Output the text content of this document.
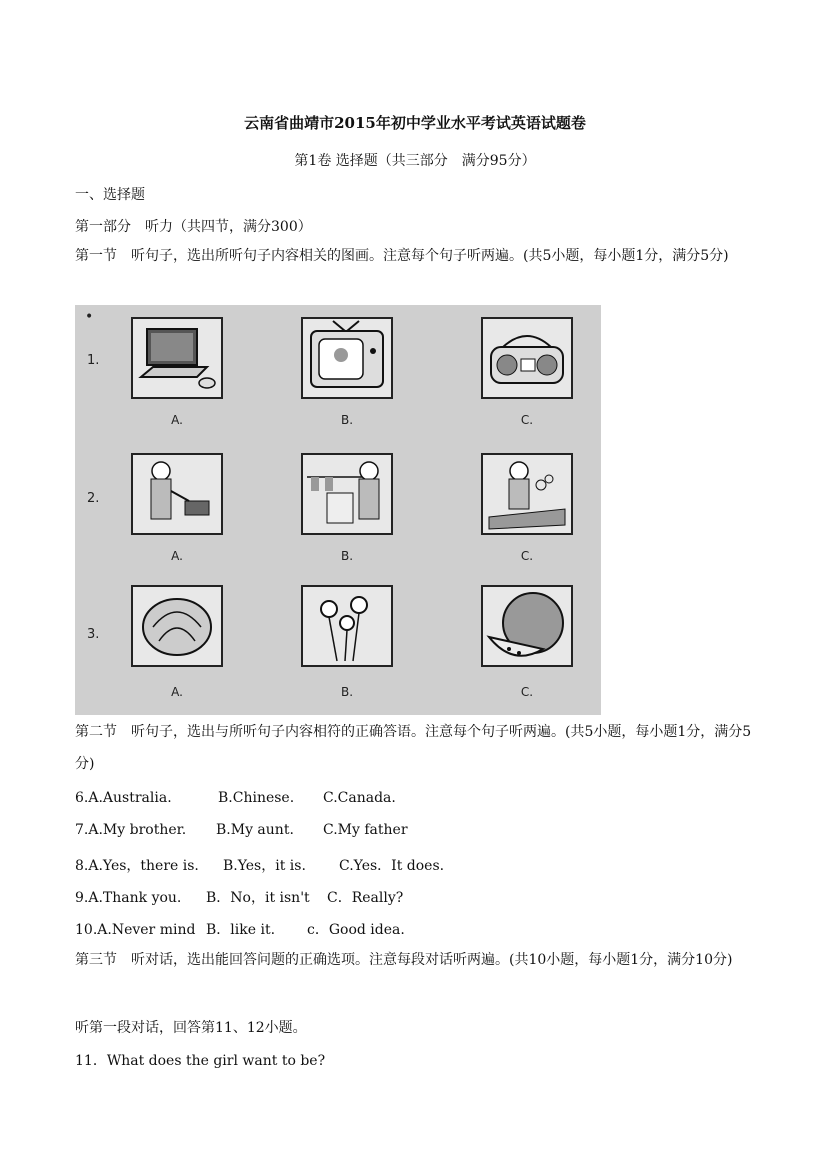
云南省曲靖市2015年初中学业水平考试英语试题卷
第1卷 选择题（共三部分　满分95分）
一、选择题
第一部分　听力（共四节，满分300）
第一节　听句子，选出所听句子内容相关的图画。注意每个句子听两遍。(共5小题，每小题1分，满分5分)
•
1.
2.
3.
A.	B.	C.
A.	B.	C.
A.	B.	C.
第二节　听句子，选出与所听句子内容相符的正确答语。注意每个句子听两遍。(共5小题，每小题1分，满分5分)
6.A.Australia.	B.Chinese. C.Canada.
7.A.My brother. B.My aunt. C.My father
8.A.Yes，there is. B.Yes，it is. C.Yes．It does.
9.A.Thank you. B．No，it isn't C．Really?
10.A.Never mind B．like it. c．Good idea.
第三节　听对话，选出能回答问题的正确选项。注意每段对话听两遍。(共10小题，每小题1分，满分10分)
听第一段对话，回答第11、12小题。
11．What does the girl want to be?
